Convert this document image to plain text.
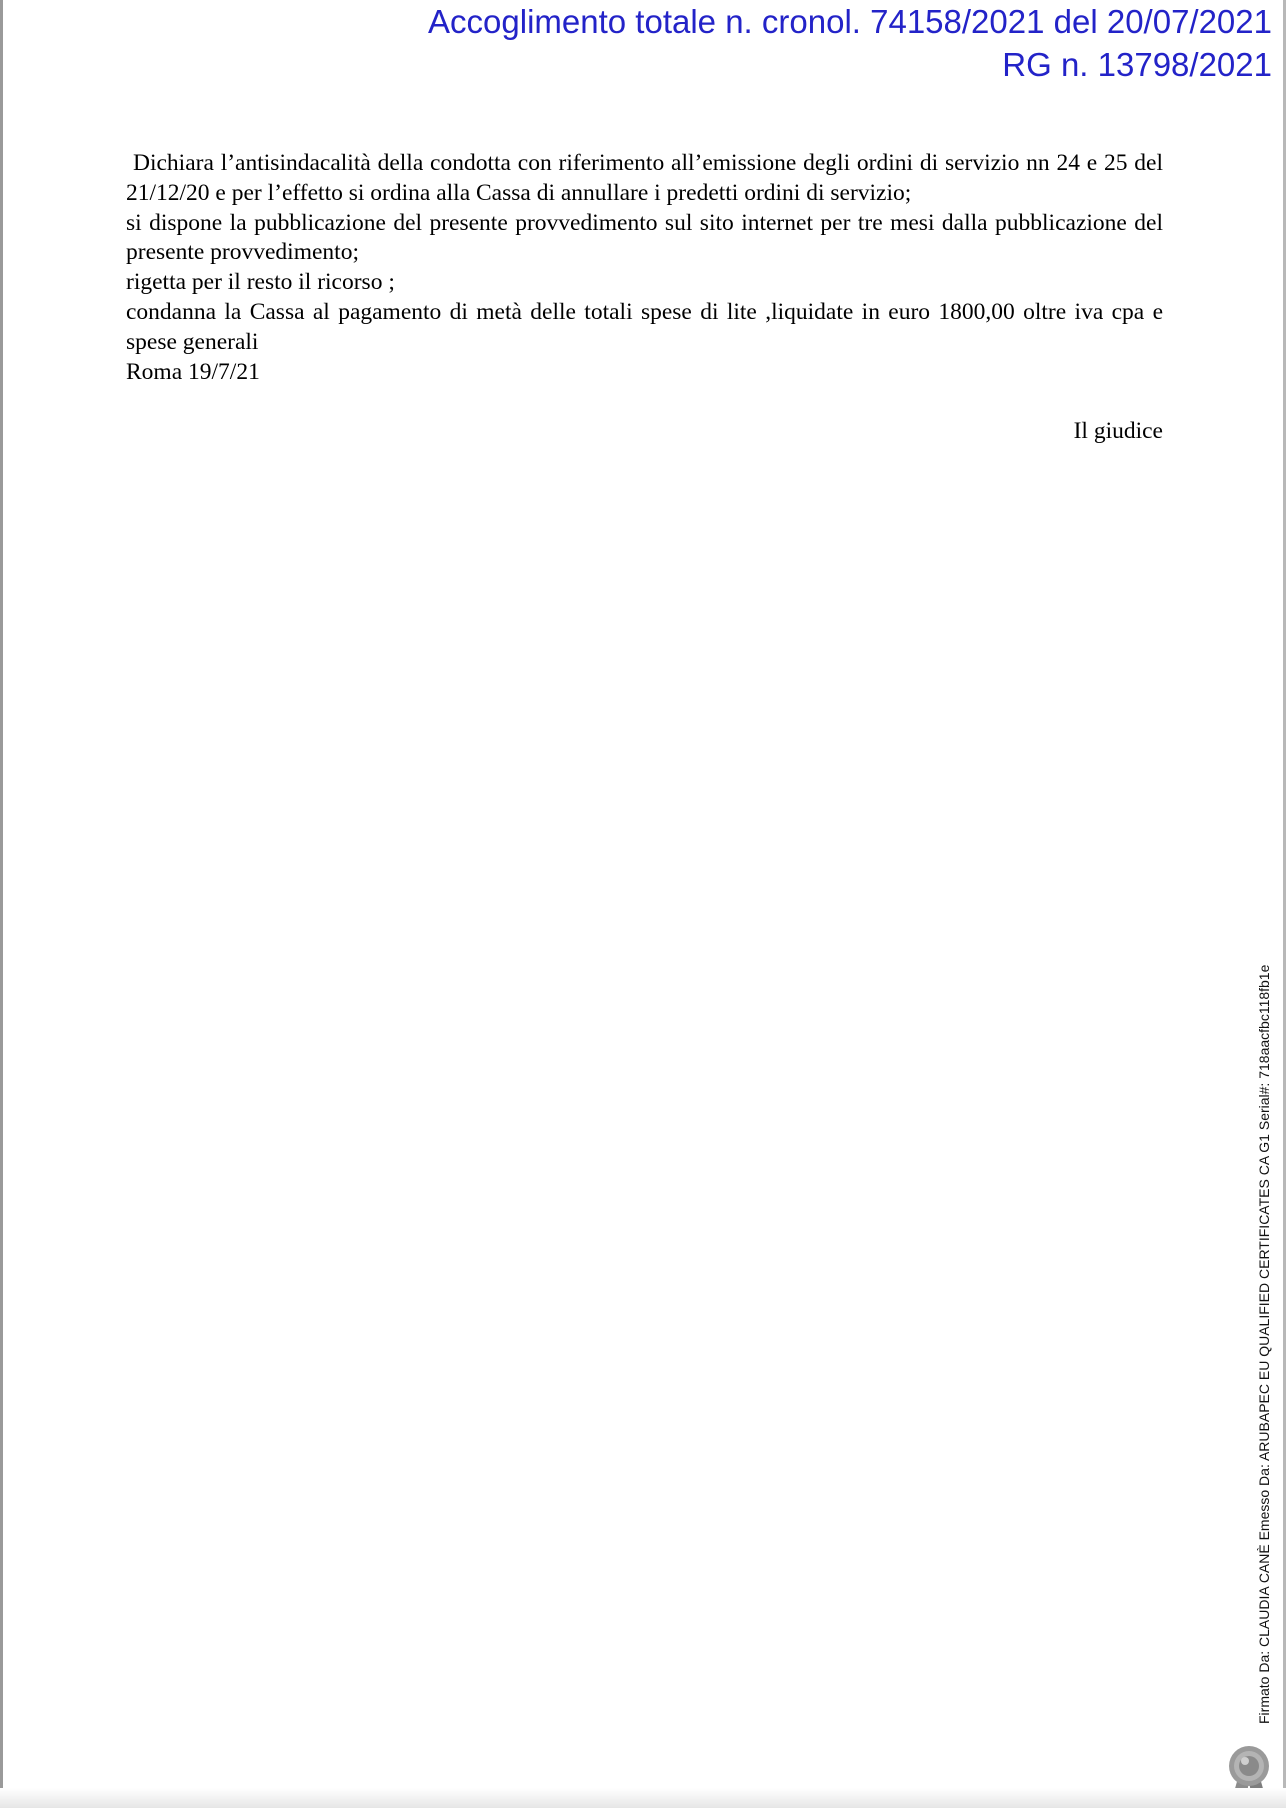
Accoglimento totale n. cronol. 74158/2021 del 20/07/2021
RG n. 13798/2021

Dichiara l’antisindacalità della condotta con riferimento all’emissione degli ordini di servizio nn 24 e 25 del 21/12/20 e per l’effetto si ordina alla Cassa di annullare i predetti ordini di servizio;

si dispone la pubblicazione del presente provvedimento sul sito internet per tre mesi dalla pubblicazione del presente provvedimento;

rigetta per il resto il ricorso ;

condanna la Cassa al pagamento di metà delle totali spese di lite ,liquidate in euro 1800,00 oltre iva cpa e spese generali

Roma 19/7/21

Il giudice

Firmato Da: CLAUDIA CANÈ Emesso Da: ARUBAPEC EU QUALIFIED CERTIFICATES CA G1 Serial#: 718aacfbc118fb1e
